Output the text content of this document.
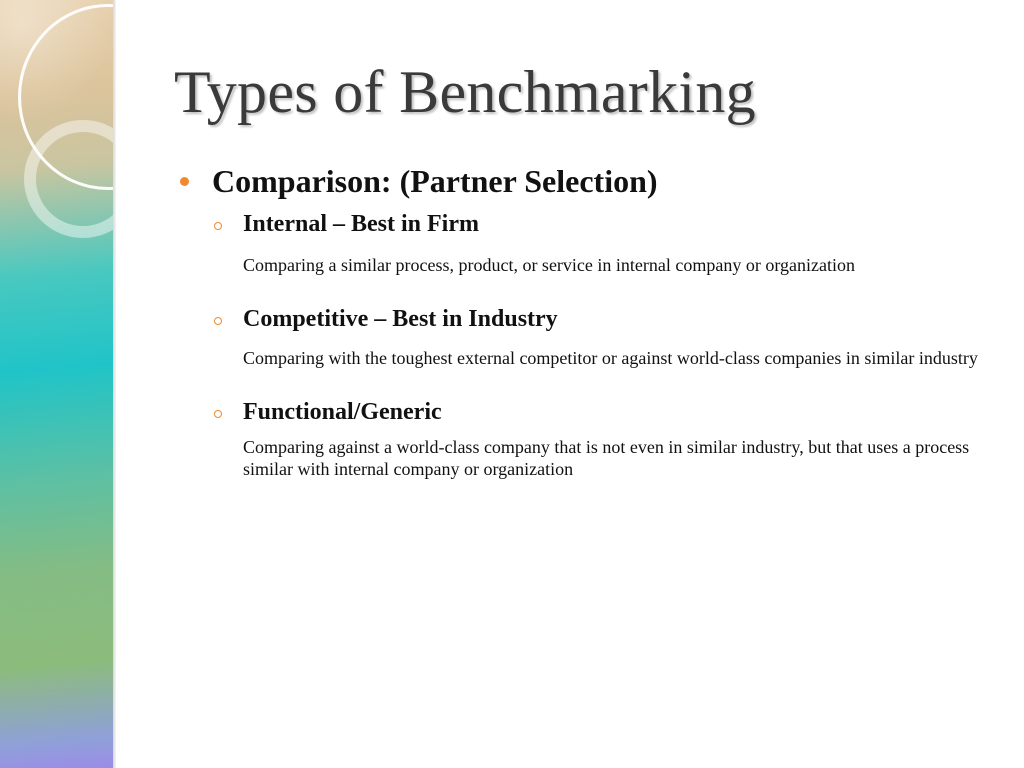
Types of Benchmarking
Comparison: (Partner Selection)
Internal – Best in Firm
Comparing a similar process, product, or service in internal company or organization
Competitive – Best in Industry
Comparing with the toughest external competitor or against world-class companies in similar industry
Functional/Generic
Comparing against a world-class company that is not even in similar industry, but that uses a process similar with internal company or organization
